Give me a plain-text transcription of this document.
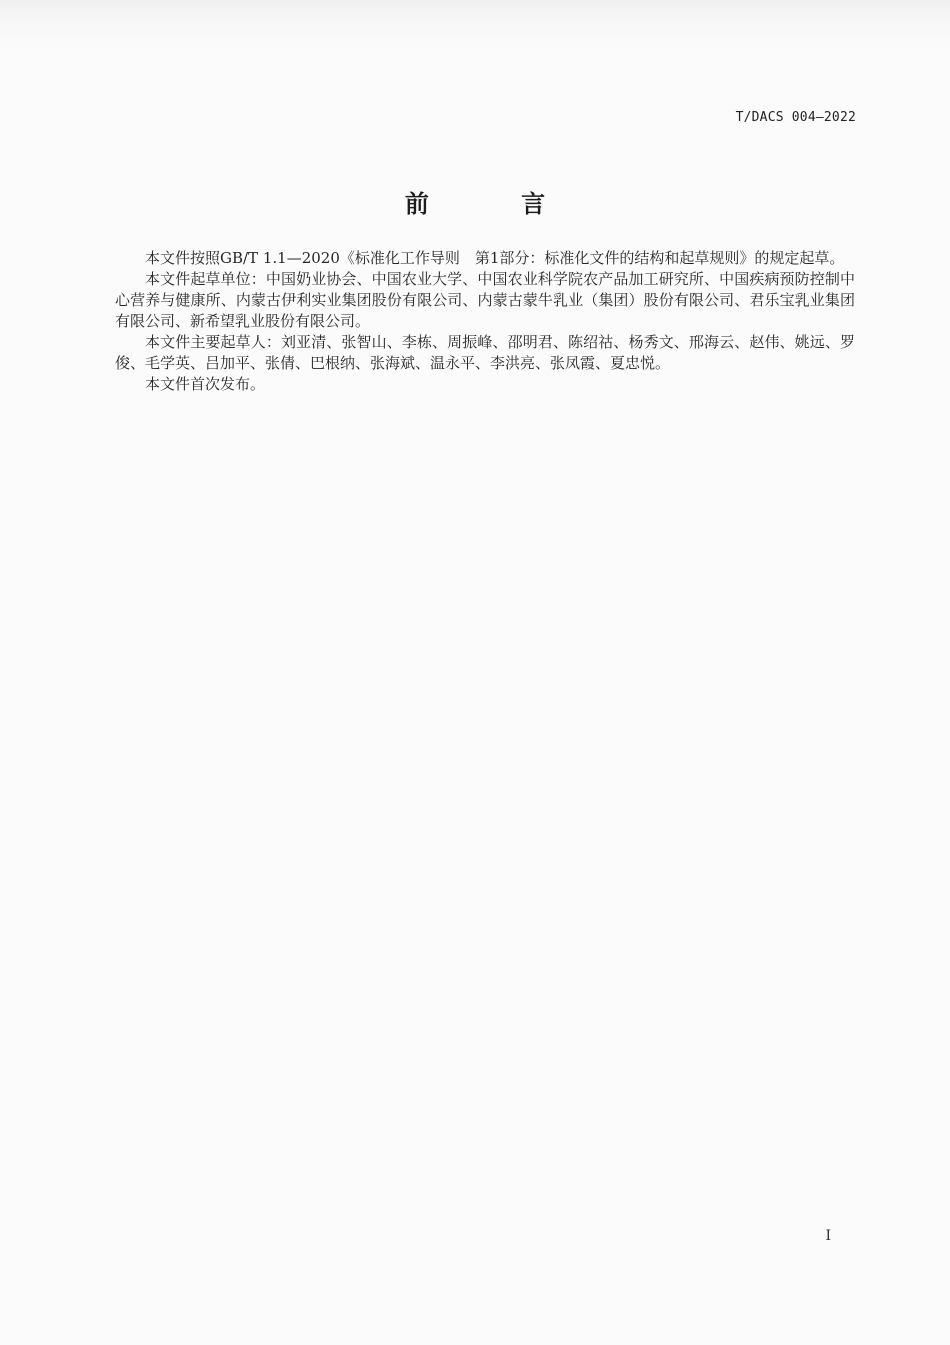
T/DACS 004—2022
前 言

本文件按照GB/T 1.1—2020《标准化工作导则　第1部分：标准化文件的结构和起草规则》的规定起草。

本文件起草单位：中国奶业协会、中国农业大学、中国农业科学院农产品加工研究所、中国疾病预防控制中心营养与健康所、内蒙古伊利实业集团股份有限公司、内蒙古蒙牛乳业（集团）股份有限公司、君乐宝乳业集团有限公司、新希望乳业股份有限公司。

本文件主要起草人：刘亚清、张智山、李栋、周振峰、邵明君、陈绍祜、杨秀文、邢海云、赵伟、姚远、罗俊、毛学英、吕加平、张倩、巴根纳、张海斌、温永平、李洪亮、张凤霞、夏忠悦。

本文件首次发布。

I
